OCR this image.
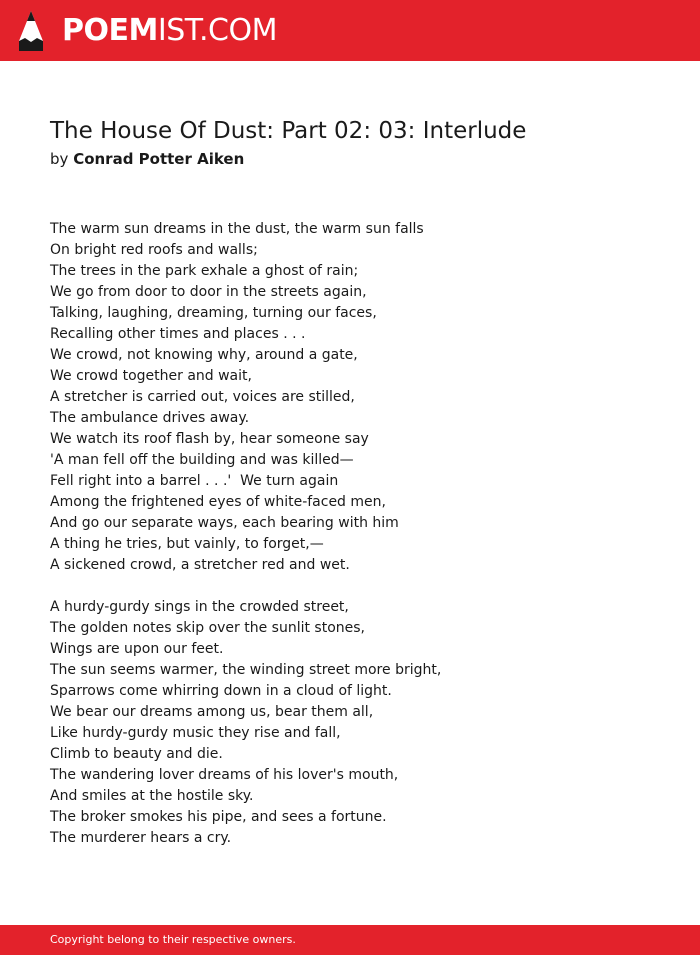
POEMIST.COM
The House Of Dust: Part 02: 03: Interlude
by Conrad Potter Aiken
The warm sun dreams in the dust, the warm sun falls
On bright red roofs and walls;
The trees in the park exhale a ghost of rain;
We go from door to door in the streets again,
Talking, laughing, dreaming, turning our faces,
Recalling other times and places . . .
We crowd, not knowing why, around a gate,
We crowd together and wait,
A stretcher is carried out, voices are stilled,
The ambulance drives away.
We watch its roof flash by, hear someone say
'A man fell off the building and was killed—
Fell right into a barrel . . .'  We turn again
Among the frightened eyes of white-faced men,
And go our separate ways, each bearing with him
A thing he tries, but vainly, to forget,—
A sickened crowd, a stretcher red and wet.
A hurdy-gurdy sings in the crowded street,
The golden notes skip over the sunlit stones,
Wings are upon our feet.
The sun seems warmer, the winding street more bright,
Sparrows come whirring down in a cloud of light.
We bear our dreams among us, bear them all,
Like hurdy-gurdy music they rise and fall,
Climb to beauty and die.
The wandering lover dreams of his lover's mouth,
And smiles at the hostile sky.
The broker smokes his pipe, and sees a fortune.
The murderer hears a cry.
Copyright belong to their respective owners.
